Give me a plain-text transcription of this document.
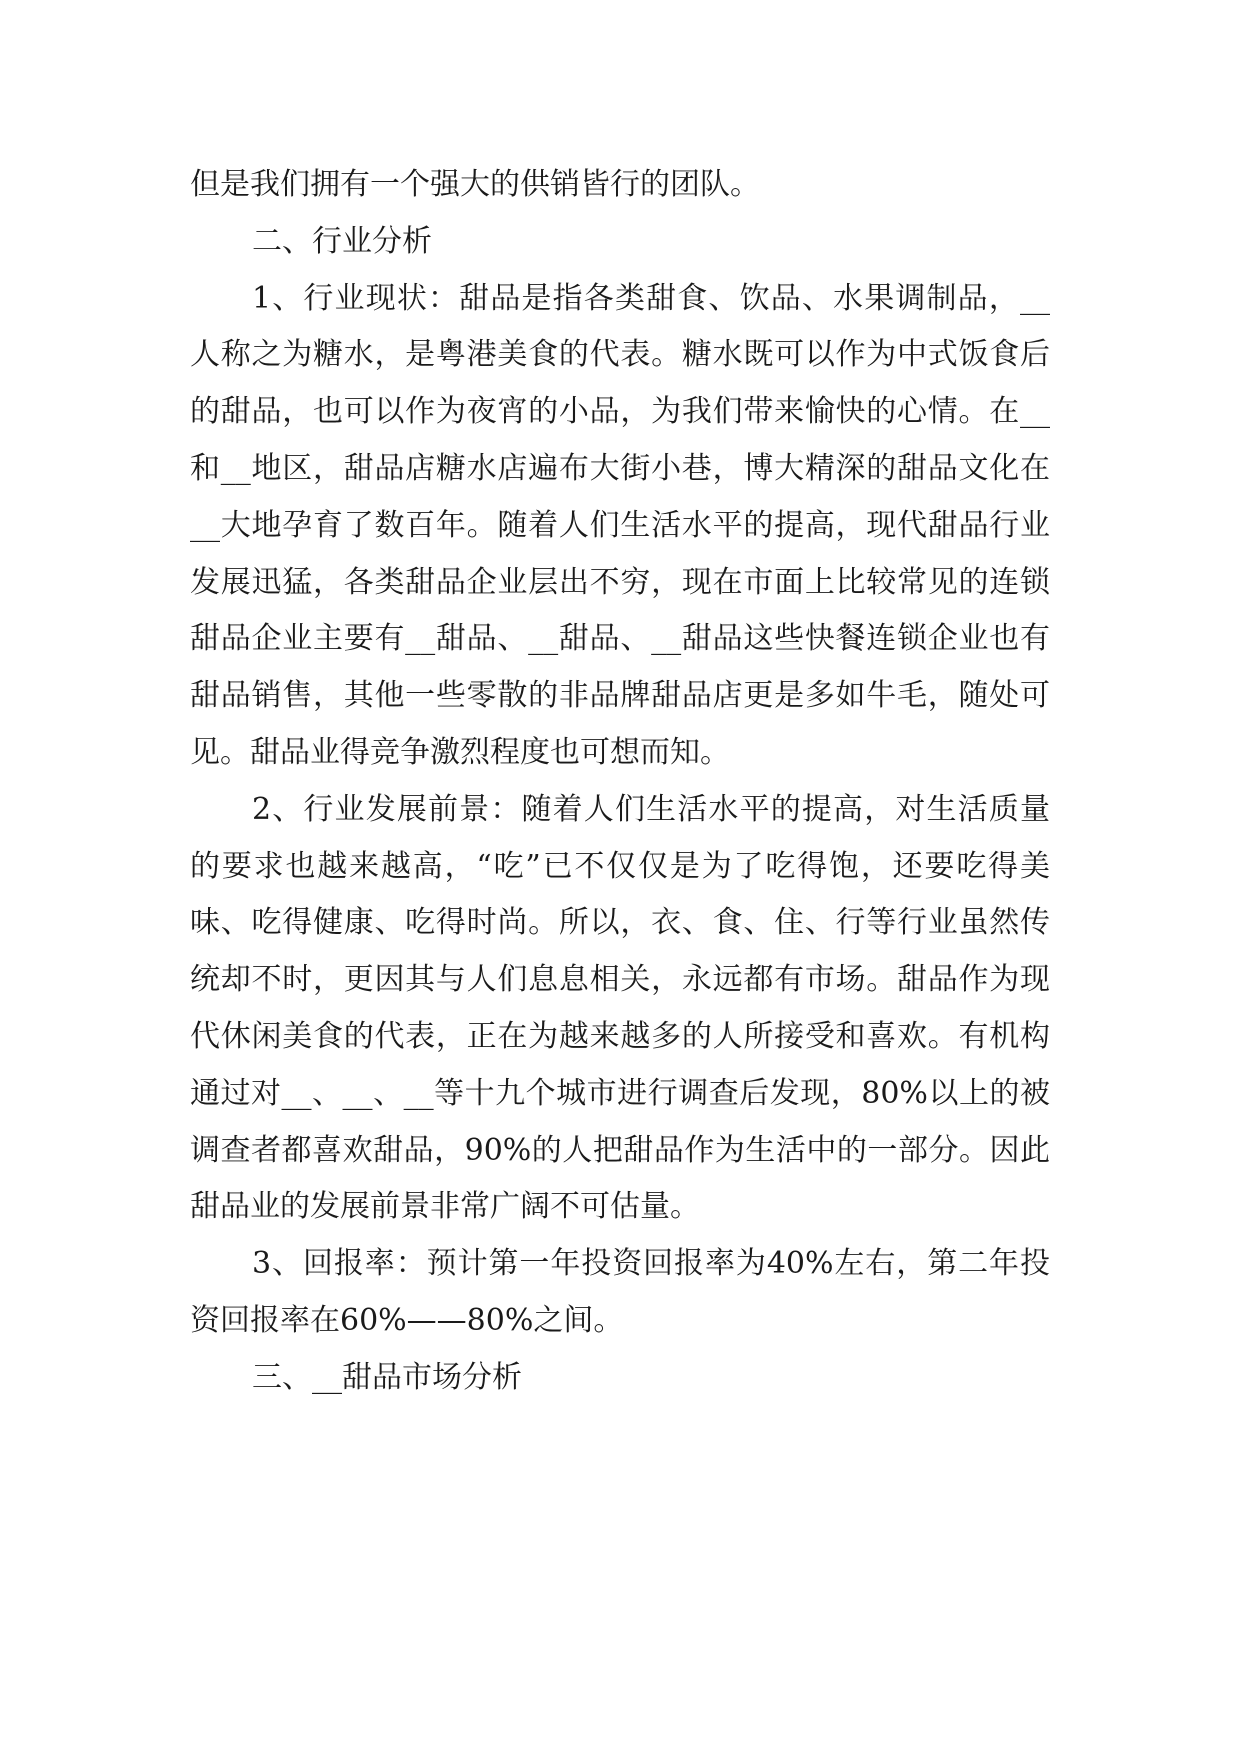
但是我们拥有一个强大的供销皆行的团队。

二、行业分析

1、行业现状：甜品是指各类甜食、饮品、水果调制品，__人称之为糖水，是粤港美食的代表。糖水既可以作为中式饭食后的甜品，也可以作为夜宵的小品，为我们带来愉快的心情。在__和__地区，甜品店糖水店遍布大街小巷，博大精深的甜品文化在__大地孕育了数百年。随着人们生活水平的提高，现代甜品行业发展迅猛，各类甜品企业层出不穷，现在市面上比较常见的连锁甜品企业主要有__甜品、__甜品、__甜品这些快餐连锁企业也有甜品销售，其他一些零散的非品牌甜品店更是多如牛毛，随处可见。甜品业得竞争激烈程度也可想而知。

2、行业发展前景：随着人们生活水平的提高，对生活质量的要求也越来越高，“吃”已不仅仅是为了吃得饱，还要吃得美味、吃得健康、吃得时尚。所以，衣、食、住、行等行业虽然传统却不时，更因其与人们息息相关，永远都有市场。甜品作为现代休闲美食的代表，正在为越来越多的人所接受和喜欢。有机构通过对__、__、__等十九个城市进行调查后发现，80%以上的被调查者都喜欢甜品，90%的人把甜品作为生活中的一部分。因此甜品业的发展前景非常广阔不可估量。

3、回报率：预计第一年投资回报率为40%左右，第二年投资回报率在60%——80%之间。

三、__甜品市场分析
